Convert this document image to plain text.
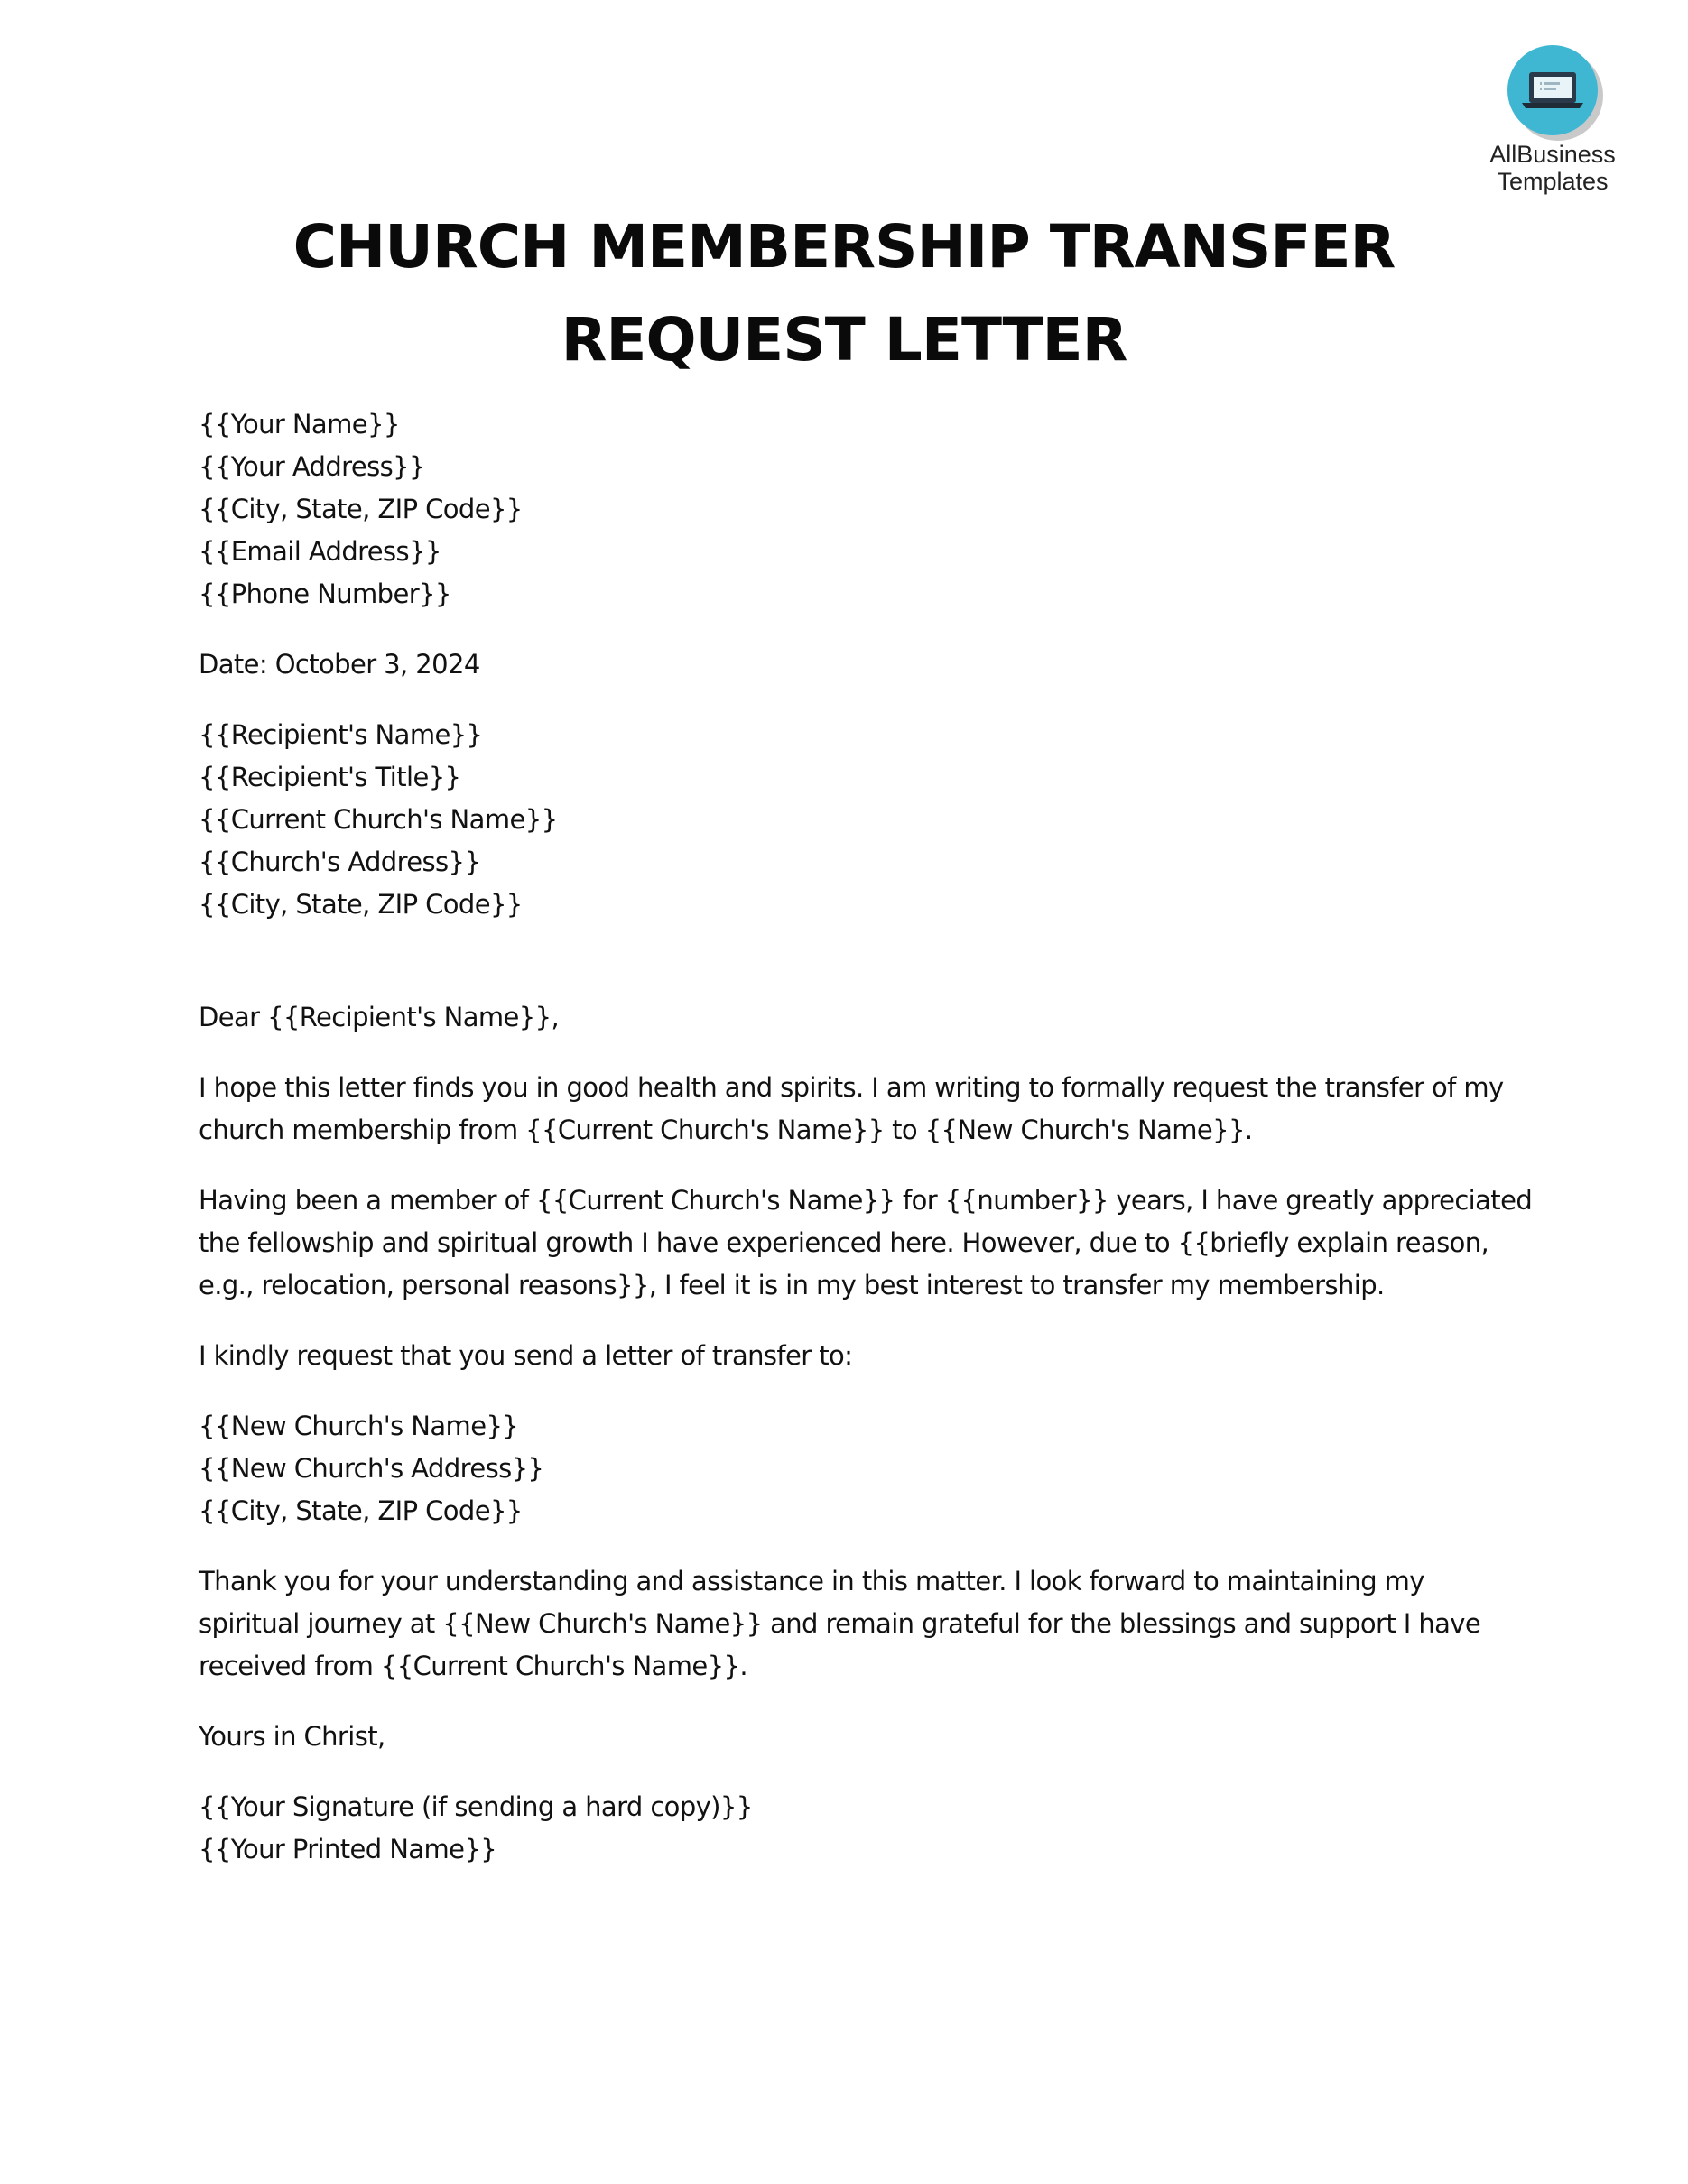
AllBusiness
Templates
CHURCH MEMBERSHIP TRANSFER
REQUEST LETTER
{{Your Name}}
{{Your Address}}
{{City, State, ZIP Code}}
{{Email Address}}
{{Phone Number}}
Date: October 3, 2024
{{Recipient's Name}}
{{Recipient's Title}}
{{Current Church's Name}}
{{Church's Address}}
{{City, State, ZIP Code}}
Dear {{Recipient's Name}},
I hope this letter finds you in good health and spirits. I am writing to formally request the transfer of my
church membership from {{Current Church's Name}} to {{New Church's Name}}.
Having been a member of {{Current Church's Name}} for {{number}} years, I have greatly appreciated
the fellowship and spiritual growth I have experienced here. However, due to {{briefly explain reason,
e.g., relocation, personal reasons}}, I feel it is in my best interest to transfer my membership.
I kindly request that you send a letter of transfer to:
{{New Church's Name}}
{{New Church's Address}}
{{City, State, ZIP Code}}
Thank you for your understanding and assistance in this matter. I look forward to maintaining my
spiritual journey at {{New Church's Name}} and remain grateful for the blessings and support I have
received from {{Current Church's Name}}.
Yours in Christ,
{{Your Signature (if sending a hard copy)}}
{{Your Printed Name}}
